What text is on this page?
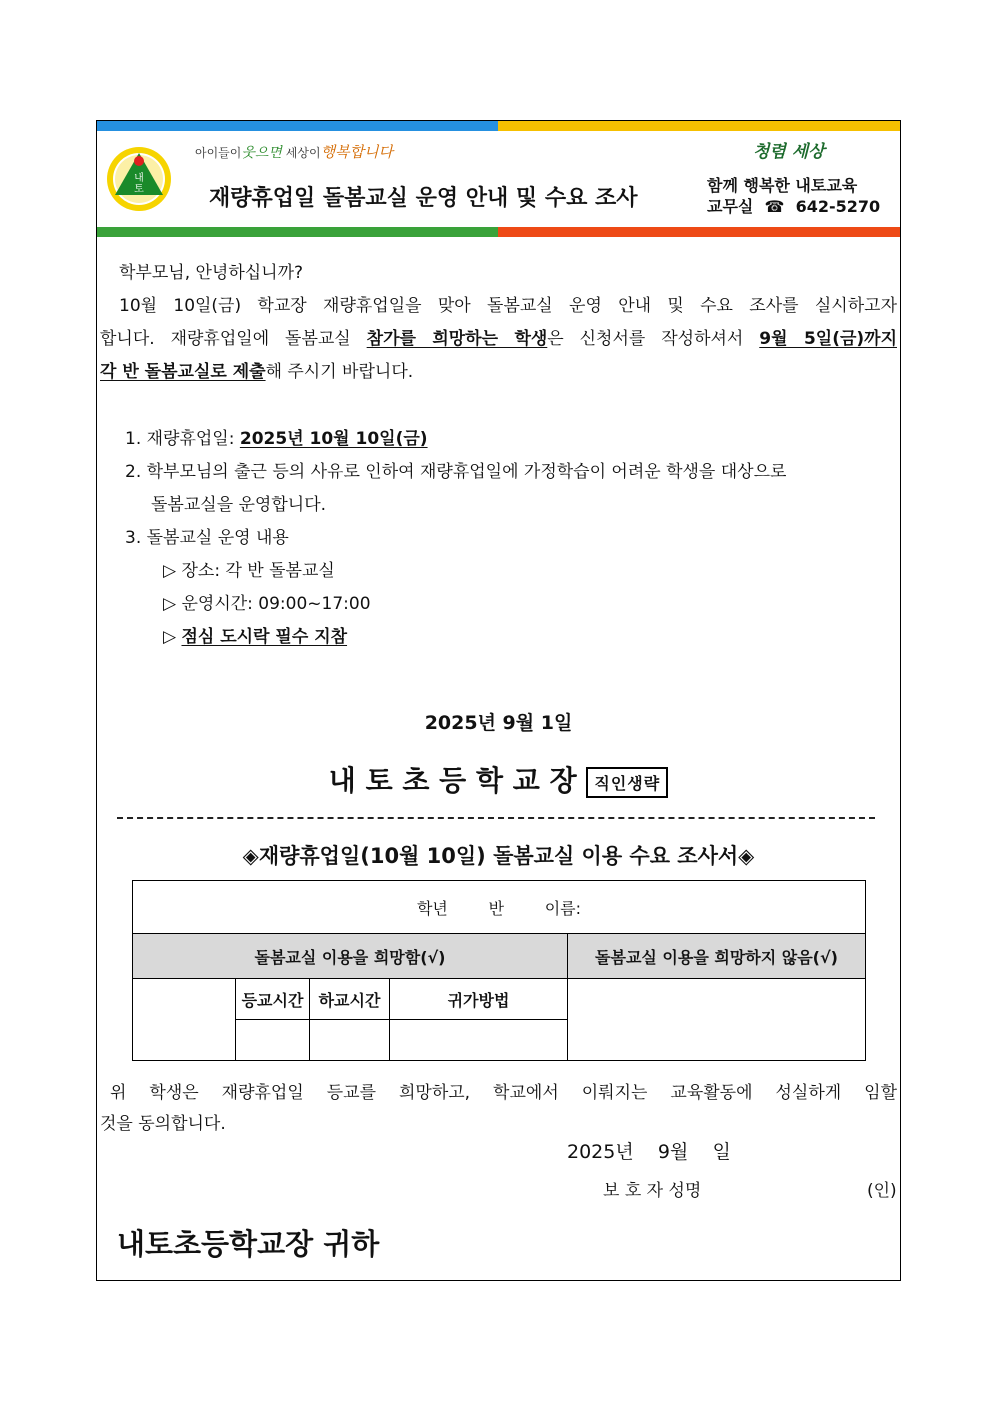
내
토
아이들이웃으면 세상이행복합니다
재량휴업일 돌봄교실 운영 안내 및 수요 조사
청렴 세상
함께 행복한 내토교육
교무실  ☎  642-5270
학부모님, 안녕하십니까?
10월 10일(금) 학교장 재량휴업일을 맞아 돌봄교실 운영 안내 및 수요 조사를 실시하고자
합니다. 재량휴업일에 돌봄교실 참가를 희망하는 학생은 신청서를 작성하셔서 9월 5일(금)까지
각 반 돌봄교실로 제출해 주시기 바랍니다.
1. 재량휴업일: 2025년 10월 10일(금)
2. 학부모님의 출근 등의 사유로 인하여 재량휴업일에 가정학습이 어려운 학생을 대상으로
돌봄교실을 운영합니다.
3. 돌봄교실 운영 내용
▷ 장소: 각 반 돌봄교실
▷ 운영시간: 09:00~17:00
▷ 점심 도시락 필수 지참
2025년 9월 1일
내 토 초 등 학 교 장 직인생략
◈재량휴업일(10월 10일) 돌봄교실 이용 수요 조사서◈
학년        반        이름:				
돌봄교실 이용을 희망함(√)				돌봄교실 이용을 희망하지 않음(√)
	등교시간	하교시간	귀가방법	

위 학생은 재량휴업일 등교를 희망하고, 학교에서 이뤄지는 교육활동에 성실하게 임할
것을 동의합니다.
2025년    9월    일
보 호 자 성명	(인)
내토초등학교장 귀하
